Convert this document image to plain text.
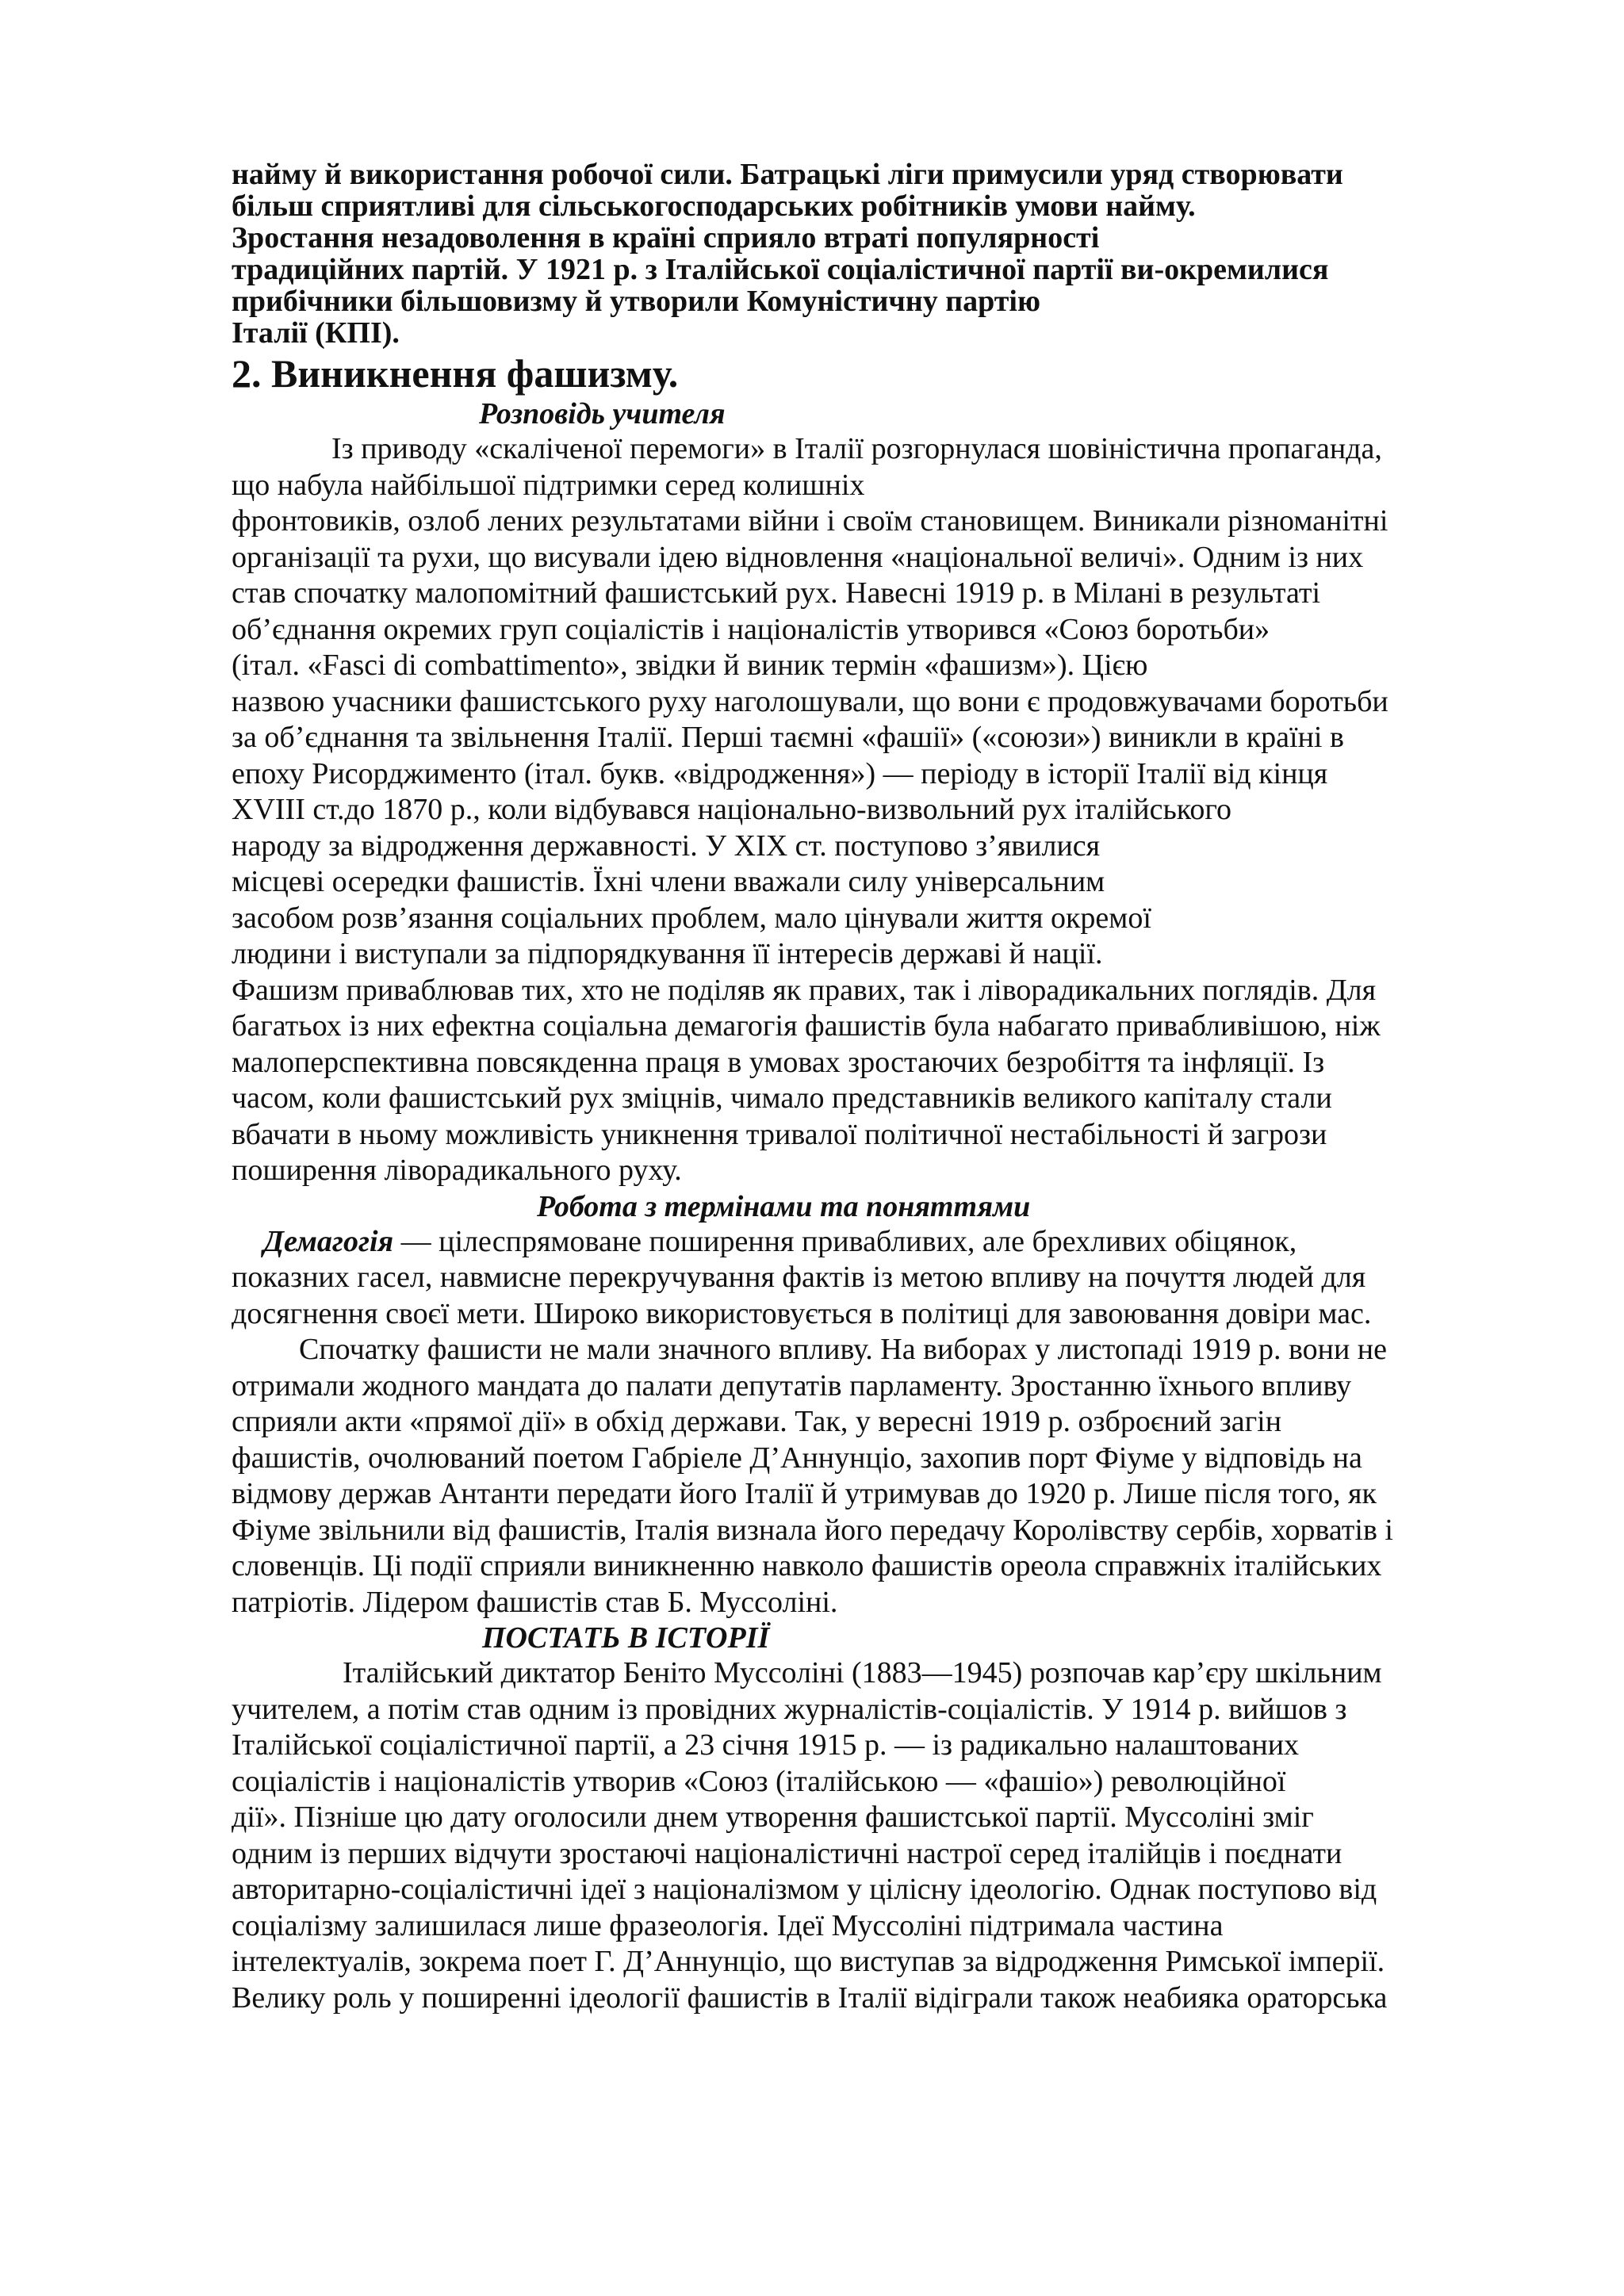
найму й використання робочої сили. Батрацькі ліги примусили уряд створювати
більш сприятливі для сільськогосподарських робітників умови найму.
Зростання незадоволення в країні сприяло втраті популярності
традиційних партій. У 1921 р. з Італійської соціалістичної партії ви-окремилися
прибічники більшовизму й утворили Комуністичну партію
Італії (КПІ).
2. Виникнення фашизму.
Розповідь учителя
Із приводу «скаліченої перемоги» в Італії розгорнулася шовіністична пропаганда,
що набула найбільшої підтримки серед колишніх
фронтовиків, озлоб лених результатами війни і своїм становищем. Виникали різноманітні
організації та рухи, що висували ідею відновлення «національної величі». Одним із них
став спочатку малопомітний фашистський рух. Навесні 1919 р. в Мілані в результаті
об’єднання окремих груп соціалістів і націоналістів утворився «Союз боротьби»
(італ. «Fasci di combattimento», звідки й виник термін «фашизм»). Цією
назвою учасники фашистського руху наголошували, що вони є продовжувачами боротьби
за об’єднання та звільнення Італії. Перші таємні «фашії» («союзи») виникли в країні в
епоху Рисорджименто (італ. букв. «відродження») — періоду в історії Італії від кінця
XVIII ст.до 1870 р., коли відбувався національно-визвольний рух італійського
народу за відродження державності. У XIX ст. поступово з’явилися
місцеві осередки фашистів. Їхні члени вважали силу універсальним
засобом розв’язання соціальних проблем, мало цінували життя окремої
людини і виступали за підпорядкування її інтересів державі й нації.
Фашизм приваблював тих, хто не поділяв як правих, так і ліворадикальних поглядів. Для
багатьох із них ефектна соціальна демагогія фашистів була набагато привабливішою, ніж
малоперспективна повсякденна праця в умовах зростаючих безробіття та інфляції. Із
часом, коли фашистський рух зміцнів, чимало представників великого капіталу стали
вбачати в ньому можливість уникнення тривалої політичної нестабільності й загрози
поширення ліворадикального руху.
Робота з термінами та поняттями
Демагогія — цілеспрямоване поширення привабливих, але брехливих обіцянок,
показних гасел, навмисне перекручування фактів із метою впливу на почуття людей для
досягнення своєї мети. Широко використовується в політиці для завоювання довіри мас.
Спочатку фашисти не мали значного впливу. На виборах у листопаді 1919 р. вони не
отримали жодного мандата до палати депутатів парламенту. Зростанню їхнього впливу
сприяли акти «прямої дії» в обхід держави. Так, у вересні 1919 р. озброєний загін
фашистів, очолюваний поетом Габріеле Д’Аннунціо, захопив порт Фіуме у відповідь на
відмову держав Антанти передати його Італії й утримував до 1920 р. Лише після того, як
Фіуме звільнили від фашистів, Італія визнала його передачу Королівству сербів, хорватів і
словенців. Ці події сприяли виникненню навколо фашистів ореола справжніх італійських
патріотів. Лідером фашистів став Б. Муссоліні.
ПОСТАТЬ В ІСТОРІЇ
Італійський диктатор Беніто Муссоліні (1883—1945) розпочав кар’єру шкільним
учителем, а потім став одним із провідних журналістів-соціалістів. У 1914 р. вийшов з
Італійської соціалістичної партії, а 23 січня 1915 р. — із радикально налаштованих
соціалістів і націоналістів утворив «Союз (італійською — «фашіо») революційної
дії». Пізніше цю дату оголосили днем утворення фашистської партії. Муссоліні зміг
одним із перших відчути зростаючі націоналістичні настрої серед італійців і поєднати
авторитарно-соціалістичні ідеї з націоналізмом у цілісну ідеологію. Однак поступово від
соціалізму залишилася лише фразеологія. Ідеї Муссоліні підтримала частина
інтелектуалів, зокрема поет Г. Д’Аннунціо, що виступав за відродження Римської імперії.
Велику роль у поширенні ідеології фашистів в Італії відіграли також неабияка ораторська
